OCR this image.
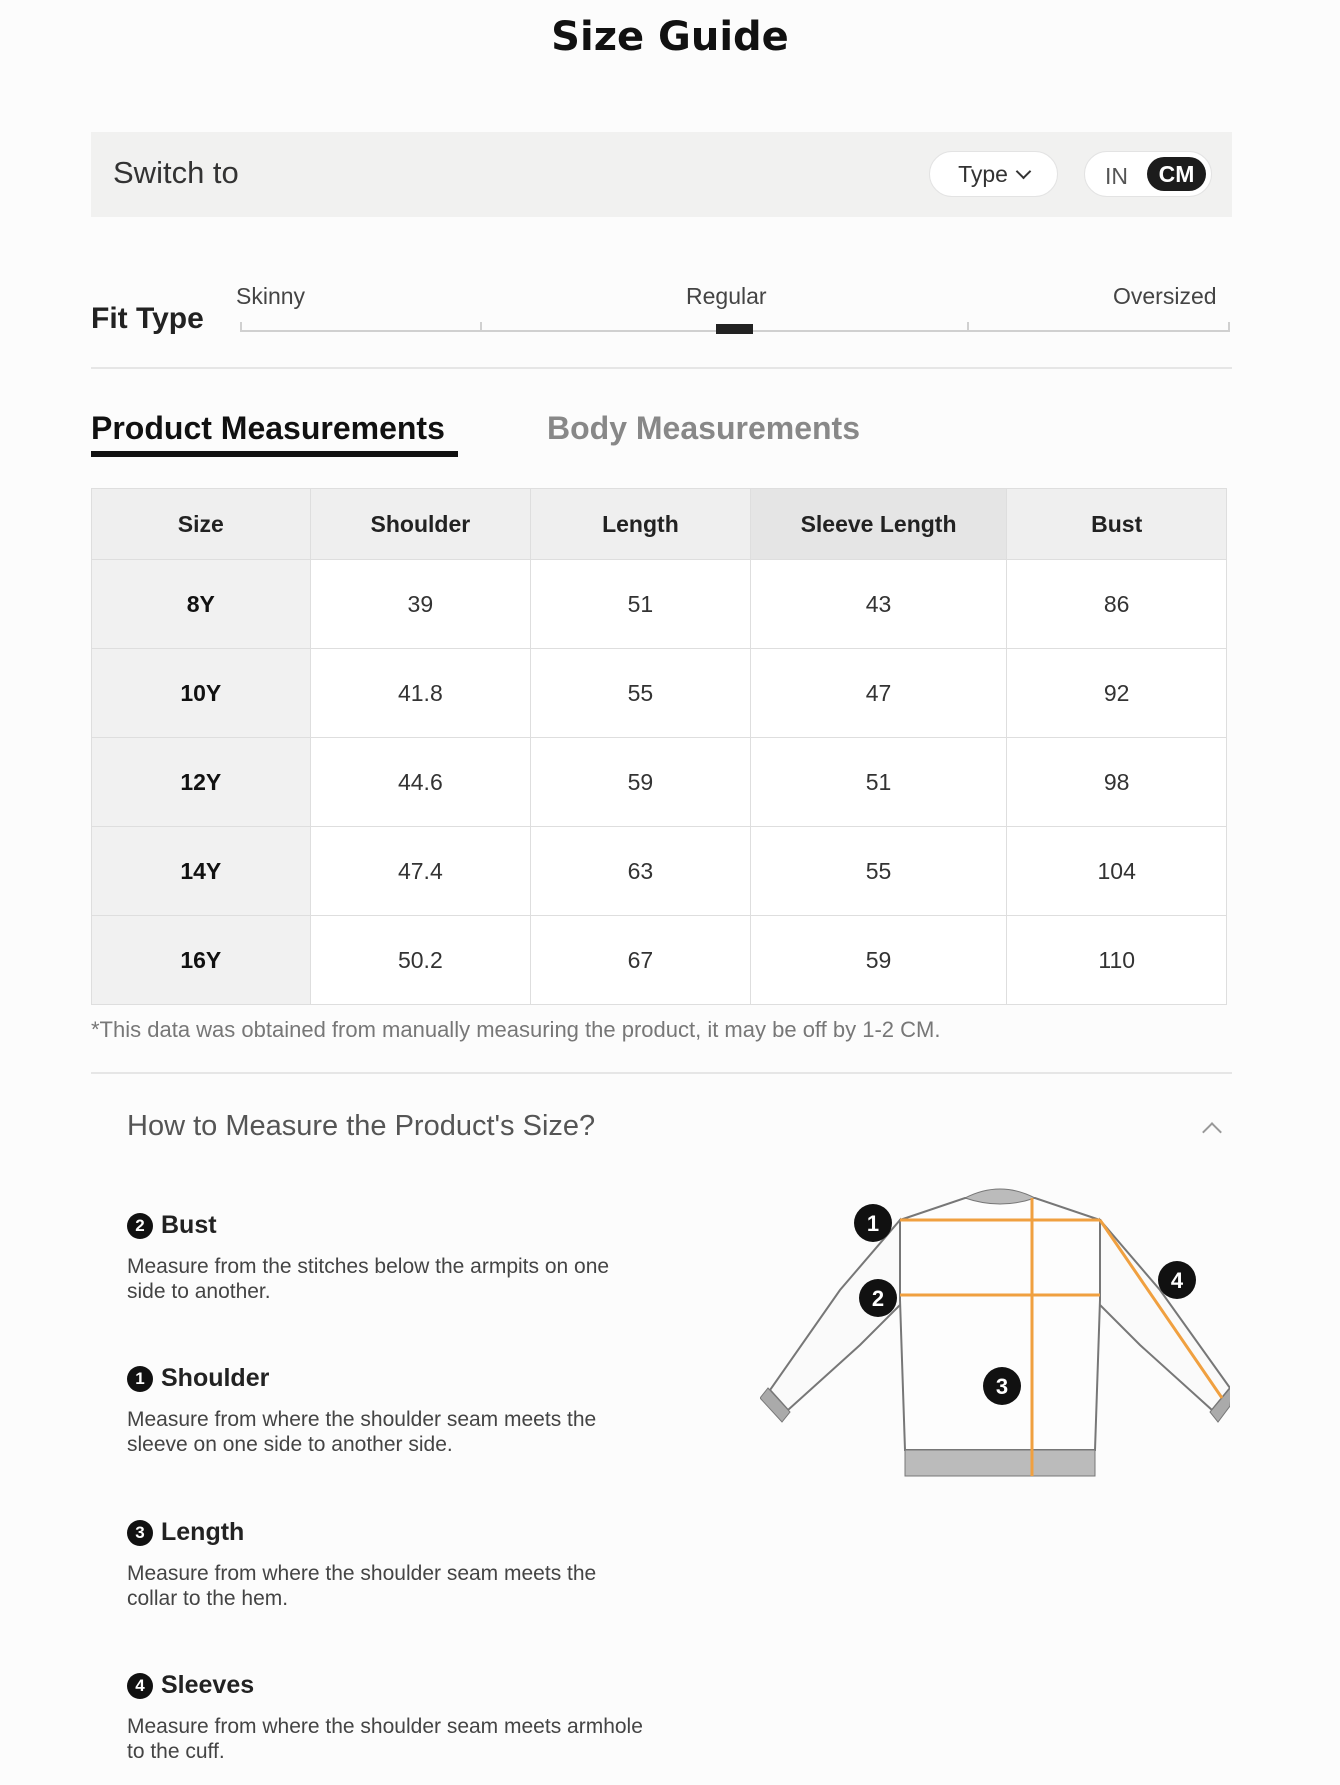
Size Guide
Switch to	Type	IN	CM
Fit Type
Skinny	Regular	Oversized
Product Measurements	Body Measurements
Size	Shoulder	Length	Sleeve Length	Bust
8Y	39	51	43	86
10Y	41.8	55	47	92
12Y	44.6	59	51	98
14Y	47.4	63	55	104
16Y	50.2	67	59	110
*This data was obtained from manually measuring the product, it may be off by 1-2 CM.
How to Measure the Product's Size?
2 Bust
Measure from the stitches below the armpits on one side to another.
1 Shoulder
Measure from where the shoulder seam meets the sleeve on one side to another side.
3 Length
Measure from where the shoulder seam meets the collar to the hem.
4 Sleeves
Measure from where the shoulder seam meets armhole to the cuff.
1
2
3
4
